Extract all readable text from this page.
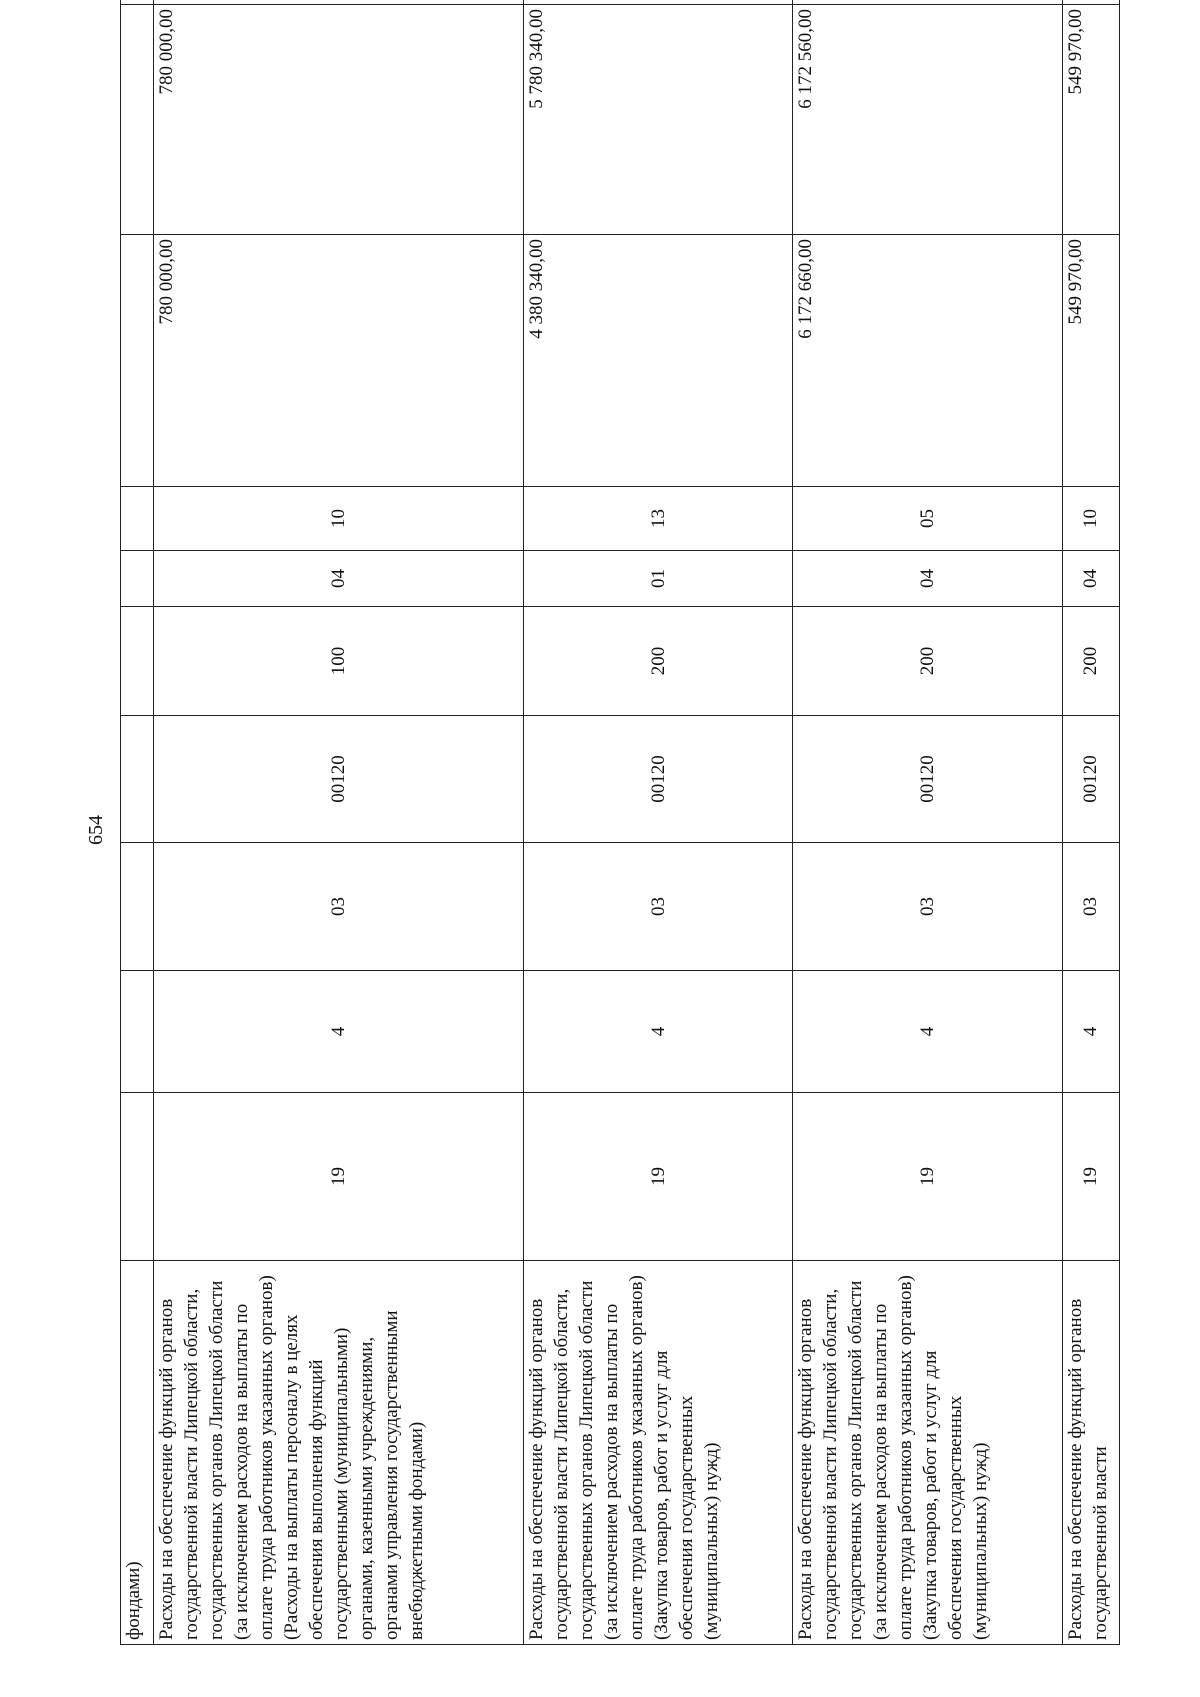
654
фондами)										
Расходы на обеспечение функций органов государственной власти Липецкой области, государственных органов Липецкой области (за исключением расходов на выплаты по оплате труда работников указанных органов) (Расходы на выплаты персоналу в целях обеспечения выполнения функций государственными (муниципальными) органами, казенными учреждениями, органами управления государственными внебюджетными фондами)	19	4	03	00120	100	04	10	780 000,00	780 000,00	
Расходы на обеспечение функций органов государственной власти Липецкой области, государственных органов Липецкой области (за исключением расходов на выплаты по оплате труда работников указанных органов) (Закупка товаров, работ и услуг для обеспечения государственных (муниципальных) нужд)	19	4	03	00120	200	01	13	4 380 340,00	5 780 340,00	
Расходы на обеспечение функций органов государственной власти Липецкой области, государственных органов Липецкой области (за исключением расходов на выплаты по оплате труда работников указанных органов) (Закупка товаров, работ и услуг для обеспечения государственных (муниципальных) нужд)	19	4	03	00120	200	04	05	6 172 660,00	6 172 560,00	
Расходы на обеспечение функций органов государственной власти	19	4	03	00120	200	04	10	549 970,00	549 970,00	
